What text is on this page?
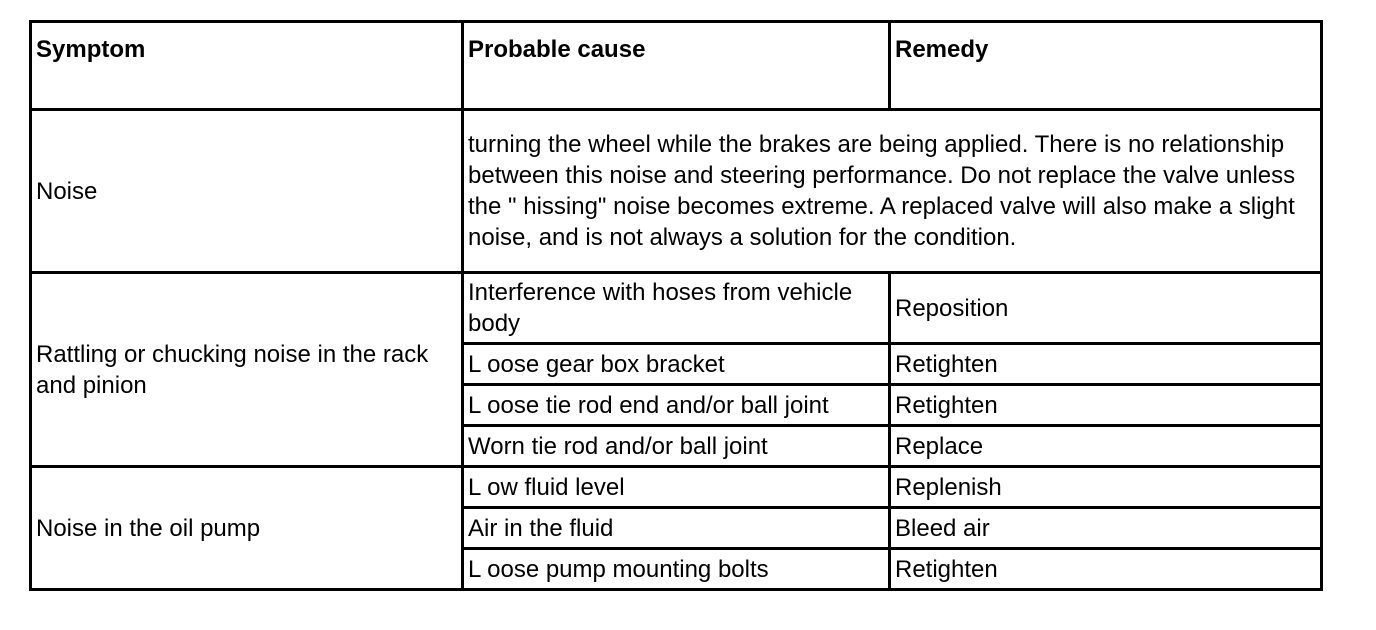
Symptom	Probable cause	Remedy
Noise	turning the wheel while the brakes are being applied. There is no relationship between this noise and steering performance. Do not replace the valve unless the " hissing" noise becomes extreme. A replaced valve will also make a slight noise, and is not always a solution for the condition.	
Rattling or chucking noise in the rack and pinion	Interference with hoses from vehicle body	Reposition
	L oose gear box bracket	Retighten
	L oose tie rod end and/or ball joint	Retighten
	Worn tie rod and/or ball joint	Replace
Noise in the oil pump	L ow fluid level	Replenish
	Air in the fluid	Bleed air
	L oose pump mounting bolts	Retighten
